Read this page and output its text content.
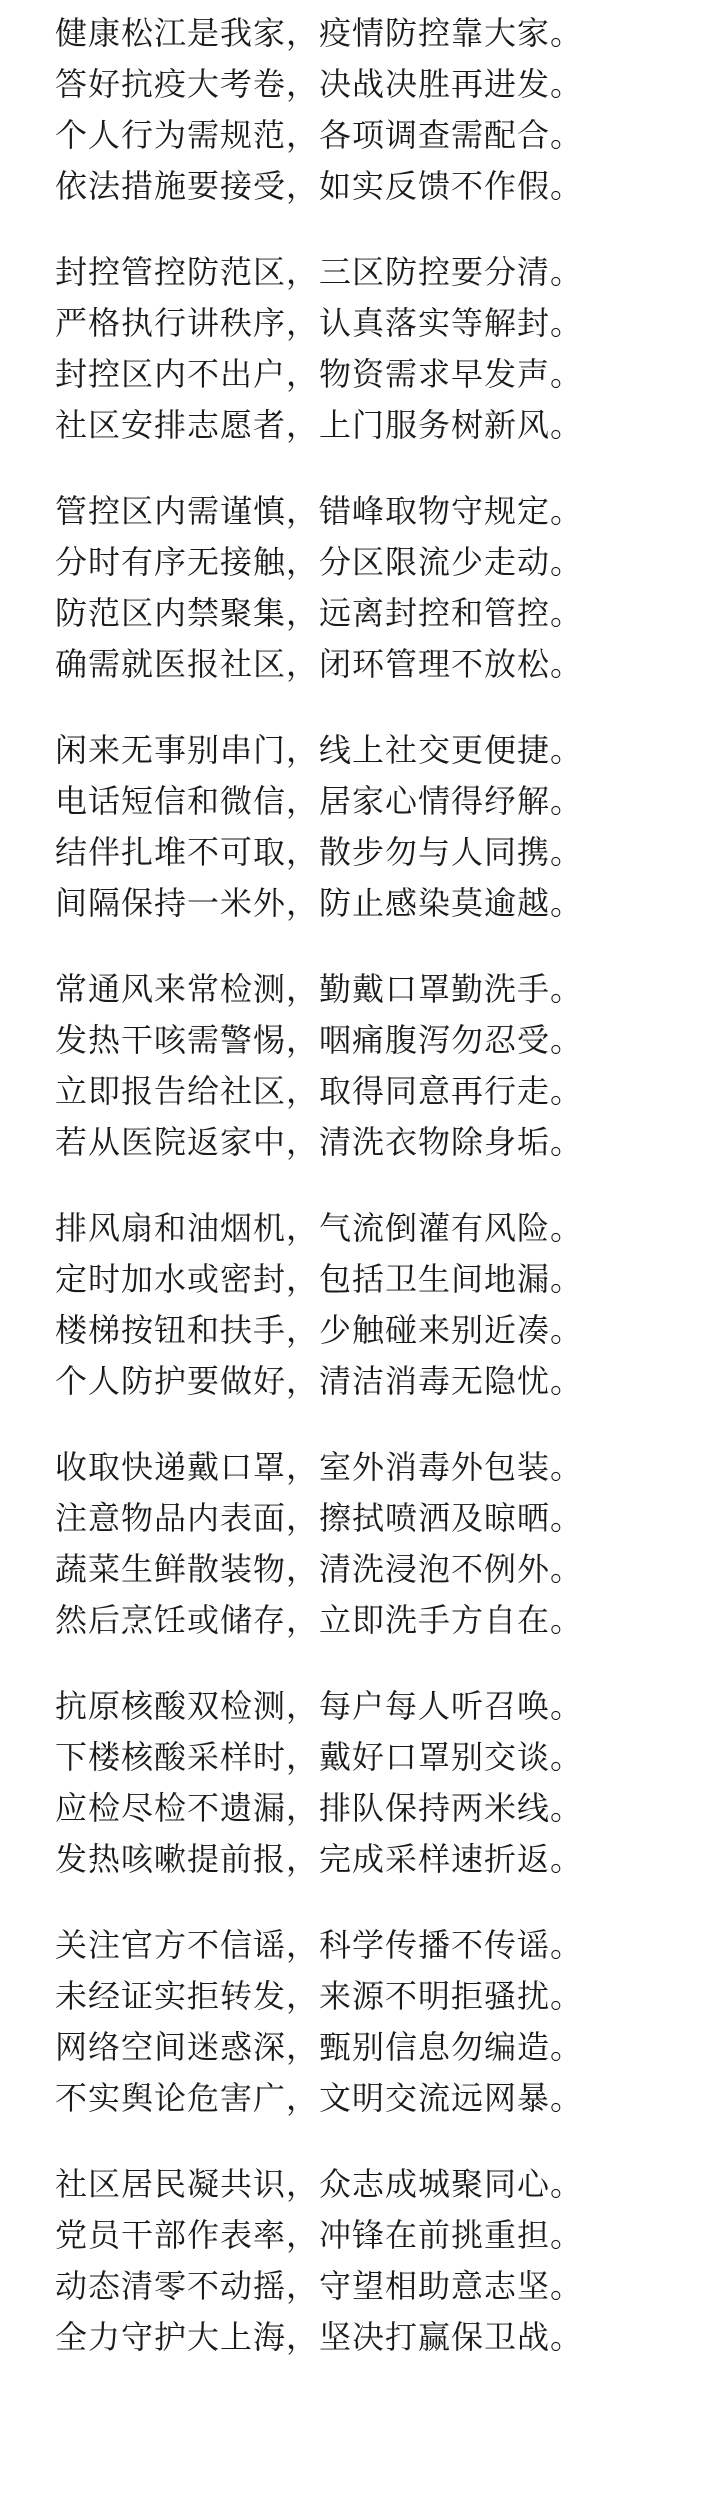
健康松江是我家，疫情防控靠大家。
答好抗疫大考卷，决战决胜再进发。
个人行为需规范，各项调查需配合。
依法措施要接受，如实反馈不作假。
封控管控防范区，三区防控要分清。
严格执行讲秩序，认真落实等解封。
封控区内不出户，物资需求早发声。
社区安排志愿者，上门服务树新风。
管控区内需谨慎，错峰取物守规定。
分时有序无接触，分区限流少走动。
防范区内禁聚集，远离封控和管控。
确需就医报社区，闭环管理不放松。
闲来无事别串门，线上社交更便捷。
电话短信和微信，居家心情得纾解。
结伴扎堆不可取，散步勿与人同携。
间隔保持一米外，防止感染莫逾越。
常通风来常检测，勤戴口罩勤洗手。
发热干咳需警惕，咽痛腹泻勿忍受。
立即报告给社区，取得同意再行走。
若从医院返家中，清洗衣物除身垢。
排风扇和油烟机，气流倒灌有风险。
定时加水或密封，包括卫生间地漏。
楼梯按钮和扶手，少触碰来别近凑。
个人防护要做好，清洁消毒无隐忧。
收取快递戴口罩，室外消毒外包装。
注意物品内表面，擦拭喷洒及晾晒。
蔬菜生鲜散装物，清洗浸泡不例外。
然后烹饪或储存，立即洗手方自在。
抗原核酸双检测，每户每人听召唤。
下楼核酸采样时，戴好口罩别交谈。
应检尽检不遗漏，排队保持两米线。
发热咳嗽提前报，完成采样速折返。
关注官方不信谣，科学传播不传谣。
未经证实拒转发，来源不明拒骚扰。
网络空间迷惑深，甄别信息勿编造。
不实舆论危害广，文明交流远网暴。
社区居民凝共识，众志成城聚同心。
党员干部作表率，冲锋在前挑重担。
动态清零不动摇，守望相助意志坚。
全力守护大上海，坚决打赢保卫战。
